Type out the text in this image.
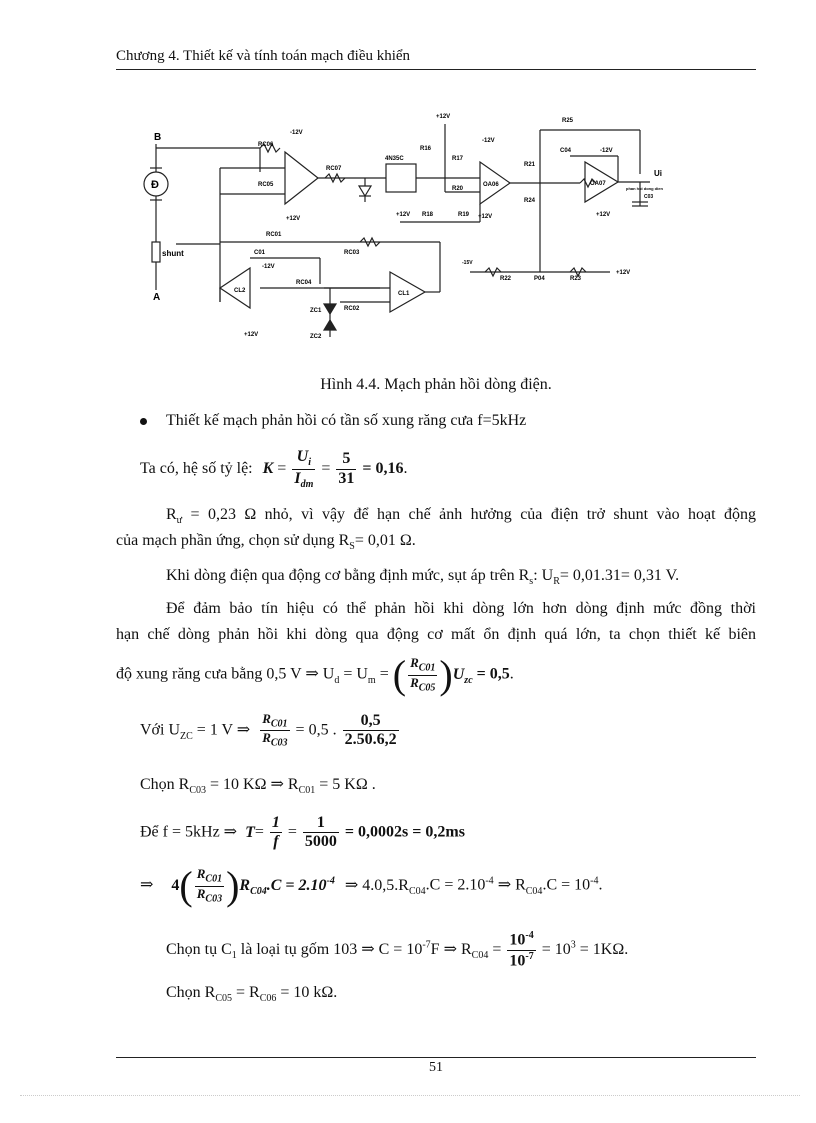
Chương 4. Thiết kế và tính toán mạch điều khiển
B
Đ
shunt
A
RC06
RC05
-12V
+12V
RC07
4N35C
+12V
R16
R17
R20
-12V
OA06
+12V
+12V R18	R19
R21
R24
R25
C04	-12V
OA07
+12V
C03
Ui
phan hoi dong dien
RC01
C01	RC03
-12V
RC04
RC02
CL2	CL1
ZC1
ZC2
+12V
-15V
R22	P04	R23
+12V
Hình 4.4. Mạch phản hồi dòng điện.
Thiết kế mạch phản hồi có tần số xung răng cưa f=5kHz
Ta có, hệ số tỷ lệ: $K = \frac{U_i}{I_{dm}} = \frac{5}{31} = 0,16$.
$R_ư = 0,23$ Ω nhỏ, vì vậy để hạn chế ảnh hưởng của điện trở shunt vào hoạt động
của mạch phần ứng, chọn sử dụng $R_S= 0,01$ Ω.
Khi dòng điện qua động cơ bằng định mức, sụt áp trên $R_s$: $U_R= 0,01.31= 0,31$ V.
Để đảm bảo tín hiệu có thể phản hồi khi dòng lớn hơn dòng định mức đồng thời
hạn chế dòng phản hồi khi dòng qua động cơ mất ổn định quá lớn, ta chọn thiết kế biên
độ xung răng cưa bằng 0,5 V ⇒ $U_d = U_m$ = ( $\frac{R_{C01}}{R_{C05}} )U_{zc} = 0,5$.
Với $U_{ZC} = 1$ V ⇒ $\frac{R_{C01}}{R_{C03}} = 0,5$ . $\frac{0,5}{2.50.6,2}$
Chọn $R_{C03} = 10$ KΩ ⇒ $R_{C01} = 5$ KΩ .
Để f = 5kHz ⇒ $T= \frac{1}{f} = \frac{1}{5000} = 0,0002s = 0,2ms$
⇒ $4( \frac{R_{C01}}{R_{C03}} )R_{C04}.C = 2.10^{-4}$ ⇒ $4.0,5.R_{C04}.C = 2.10^{-4}$ ⇒ $R_{C04}.C = 10^{-4}$.
Chọn tụ $C_1$ là loại tụ gốm 103 ⇒ $C = 10^{-7}F$ ⇒ $R_{C04} = \frac{10^{-4}}{10^{-7}} = 10^3 = 1K\Omega$.
Chọn $R_{C05} = R_{C06} = 10$ kΩ.
51
